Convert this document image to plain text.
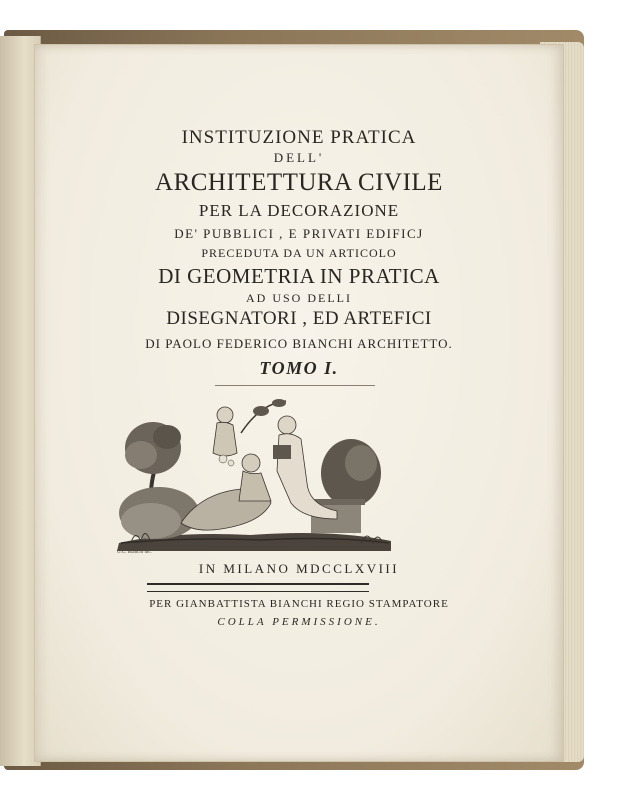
INSTITUZIONE PRATICA
DELL'
ARCHITETTURA CIVILE
PER LA DECORAZIONE
DE' PUBBLICI , E PRIVATI EDIFICJ
PRECEDUTA DA UN ARTICOLO
DI GEOMETRIA IN PRATICA
AD USO DELLI
DISEGNATORI , ED ARTEFICI
DI PAOLO FEDERICO BIANCHI ARCHITETTO.
TOMO I.
G.C. Bianchi inc.
IN MILANO MDCCLXVIII
PER GIANBATTISTA BIANCHI REGIO STAMPATORE
COLLA PERMISSIONE.
